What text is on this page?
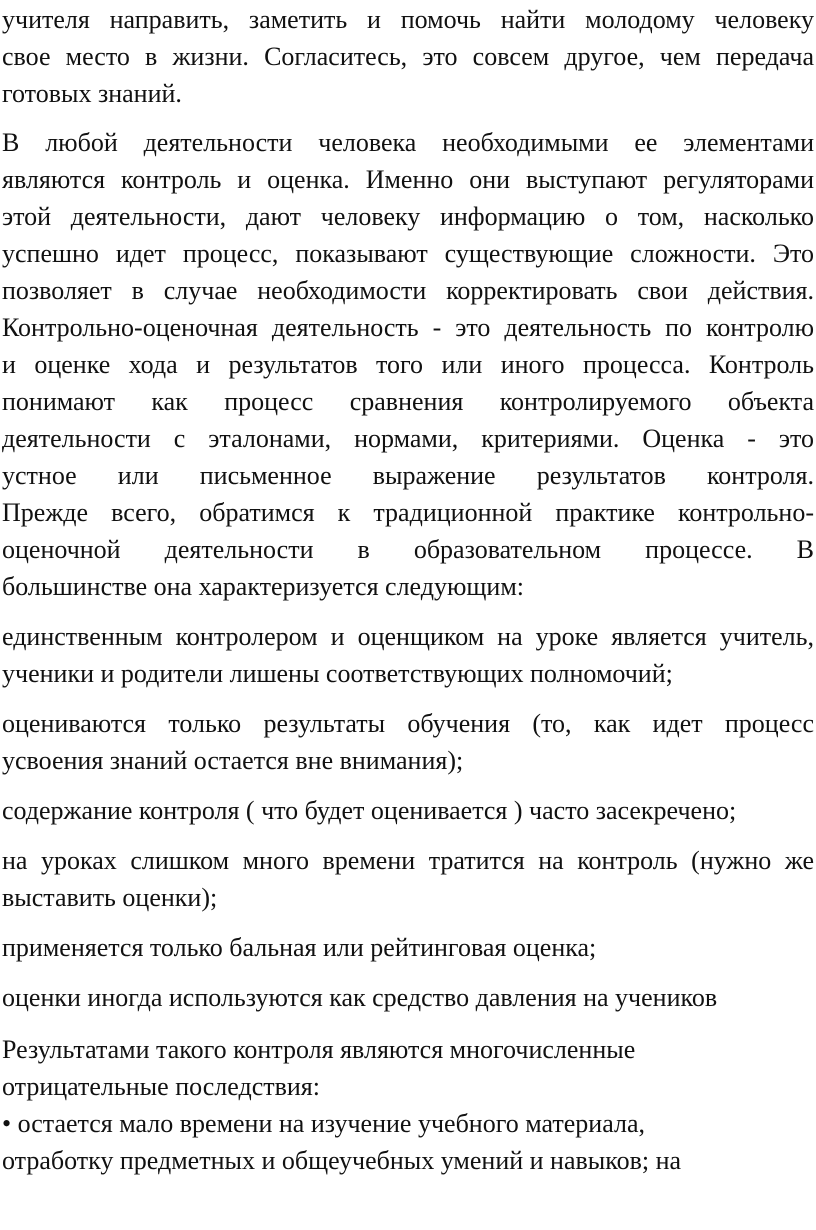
учителя направить, заметить и помочь найти молодому человеку

свое место в жизни. Согласитесь, это совсем другое, чем передача

готовых знаний.

В любой деятельности человека необходимыми ее элементами

являются контроль и оценка. Именно они выступают регуляторами

этой деятельности, дают человеку информацию о том, насколько

успешно идет процесс, показывают существующие сложности. Это

позволяет в случае необходимости корректировать свои действия.

Контрольно-оценочная деятельность - это деятельность по контролю

и оценке хода и результатов того или иного процесса. Контроль

понимают как процесс сравнения контролируемого объекта

деятельности с эталонами, нормами, критериями. Оценка - это

устное или письменное выражение результатов контроля.

Прежде всего, обратимся к традиционной практике контрольно-

оценочной деятельности в образовательном процессе. В

большинстве она характеризуется следующим:

единственным контролером и оценщиком на уроке является учитель,

ученики и родители лишены соответствующих полномочий;

оцениваются только результаты обучения (то, как идет процесс

усвоения знаний остается вне внимания);

содержание контроля ( что будет оценивается ) часто засекречено;

на уроках слишком много времени тратится на контроль (нужно же

выставить оценки);

применяется только бальная или рейтинговая оценка;

оценки иногда используются как средство давления на учеников

Результатами такого контроля являются многочисленные

отрицательные последствия:

• остается мало времени на изучение учебного материала,

отработку предметных и общеучебных умений и навыков; на
